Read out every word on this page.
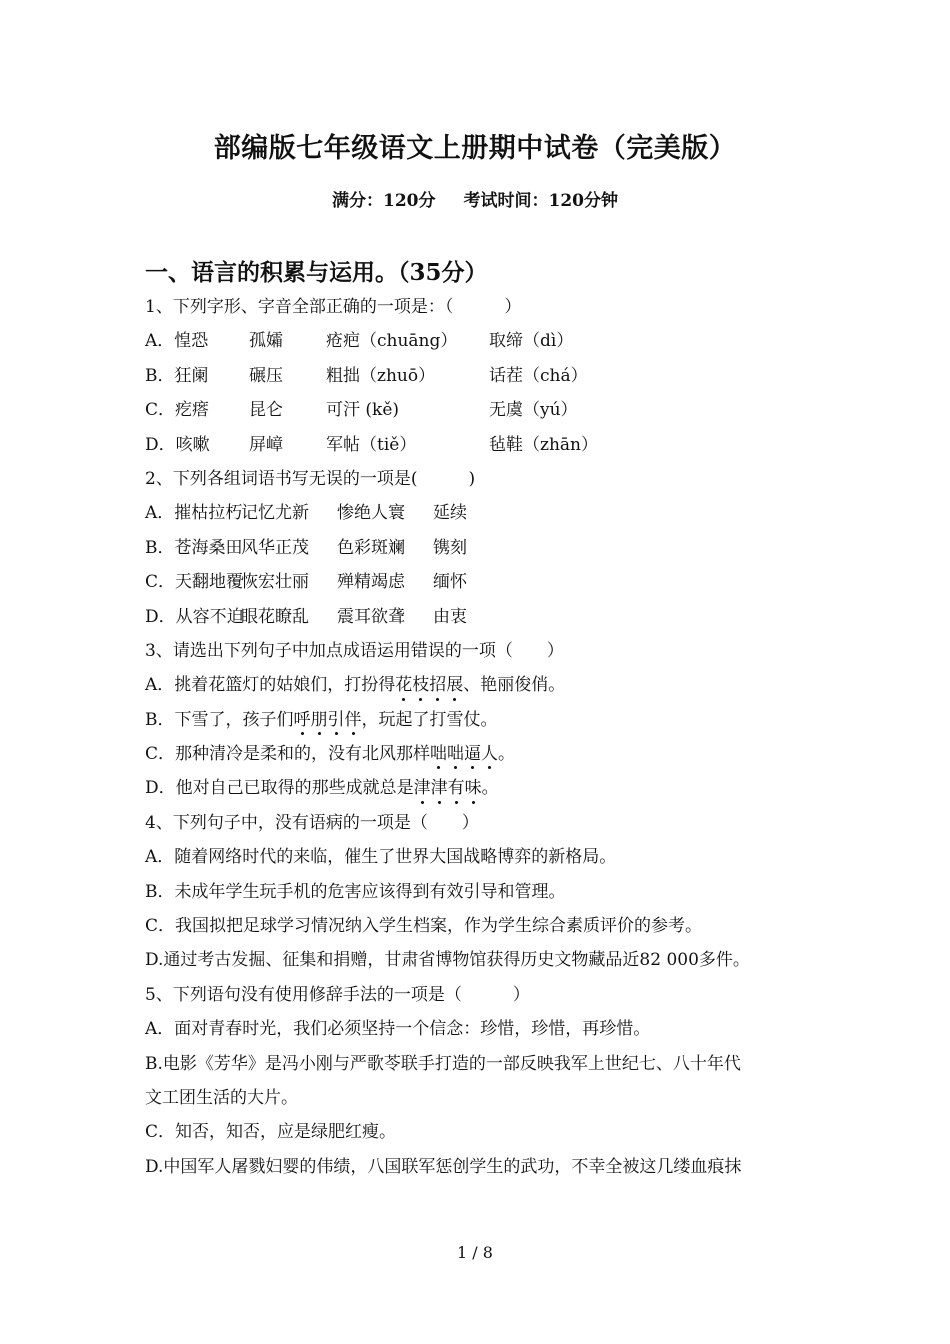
部编版七年级语文上册期中试卷（完美版）
满分：120分 考试时间：120分钟
一、语言的积累与运用。（35分）
1、下列字形、字音全部正确的一项是：（　　　）
A．惶恐	孤孀	疮疤（chuāng）	取缔（dì）
B．狂阑	碾压	粗拙（zhuō）	话茬（chá）
C．疙瘩	昆仑	可汗 (kě)	无虞（yú）
D．咳嗽	屏嶂	军帖（tiě）	毡鞋（zhān）
2、下列各组词语书写无误的一项是(　　　)
A．摧枯拉朽记忆尤新 惨绝人寰 延续
B．苍海桑田风华正茂 色彩斑斓 镌刻
C．天翻地覆恢宏壮丽 殚精竭虑 缅怀
D．从容不迫眼花瞭乱 震耳欲聋 由衷
3、请选出下列句子中加点成语运用错误的一项（　　）
A．挑着花篮灯的姑娘们，打扮得花枝招展、艳丽俊俏。
B．下雪了，孩子们呼朋引伴，玩起了打雪仗。
C．那种清冷是柔和的，没有北风那样咄咄逼人。
D．他对自己已取得的那些成就总是津津有味。
4、下列句子中，没有语病的一项是（　　）
A．随着网络时代的来临，催生了世界大国战略博弈的新格局。
B．未成年学生玩手机的危害应该得到有效引导和管理。
C．我国拟把足球学习情况纳入学生档案，作为学生综合素质评价的参考。
D.通过考古发掘、征集和捐赠，甘肃省博物馆获得历史文物藏品近82 000多件。
5、下列语句没有使用修辞手法的一项是（　　　）
A．面对青春时光，我们必须坚持一个信念：珍惜，珍惜，再珍惜。
B.电影《芳华》是冯小刚与严歌苓联手打造的一部反映我军上世纪七、八十年代
文工团生活的大片。
C．知否，知否，应是绿肥红瘦。
D.中国军人屠戮妇婴的伟绩，八国联军惩创学生的武功，不幸全被这几缕血痕抹
1 / 8
